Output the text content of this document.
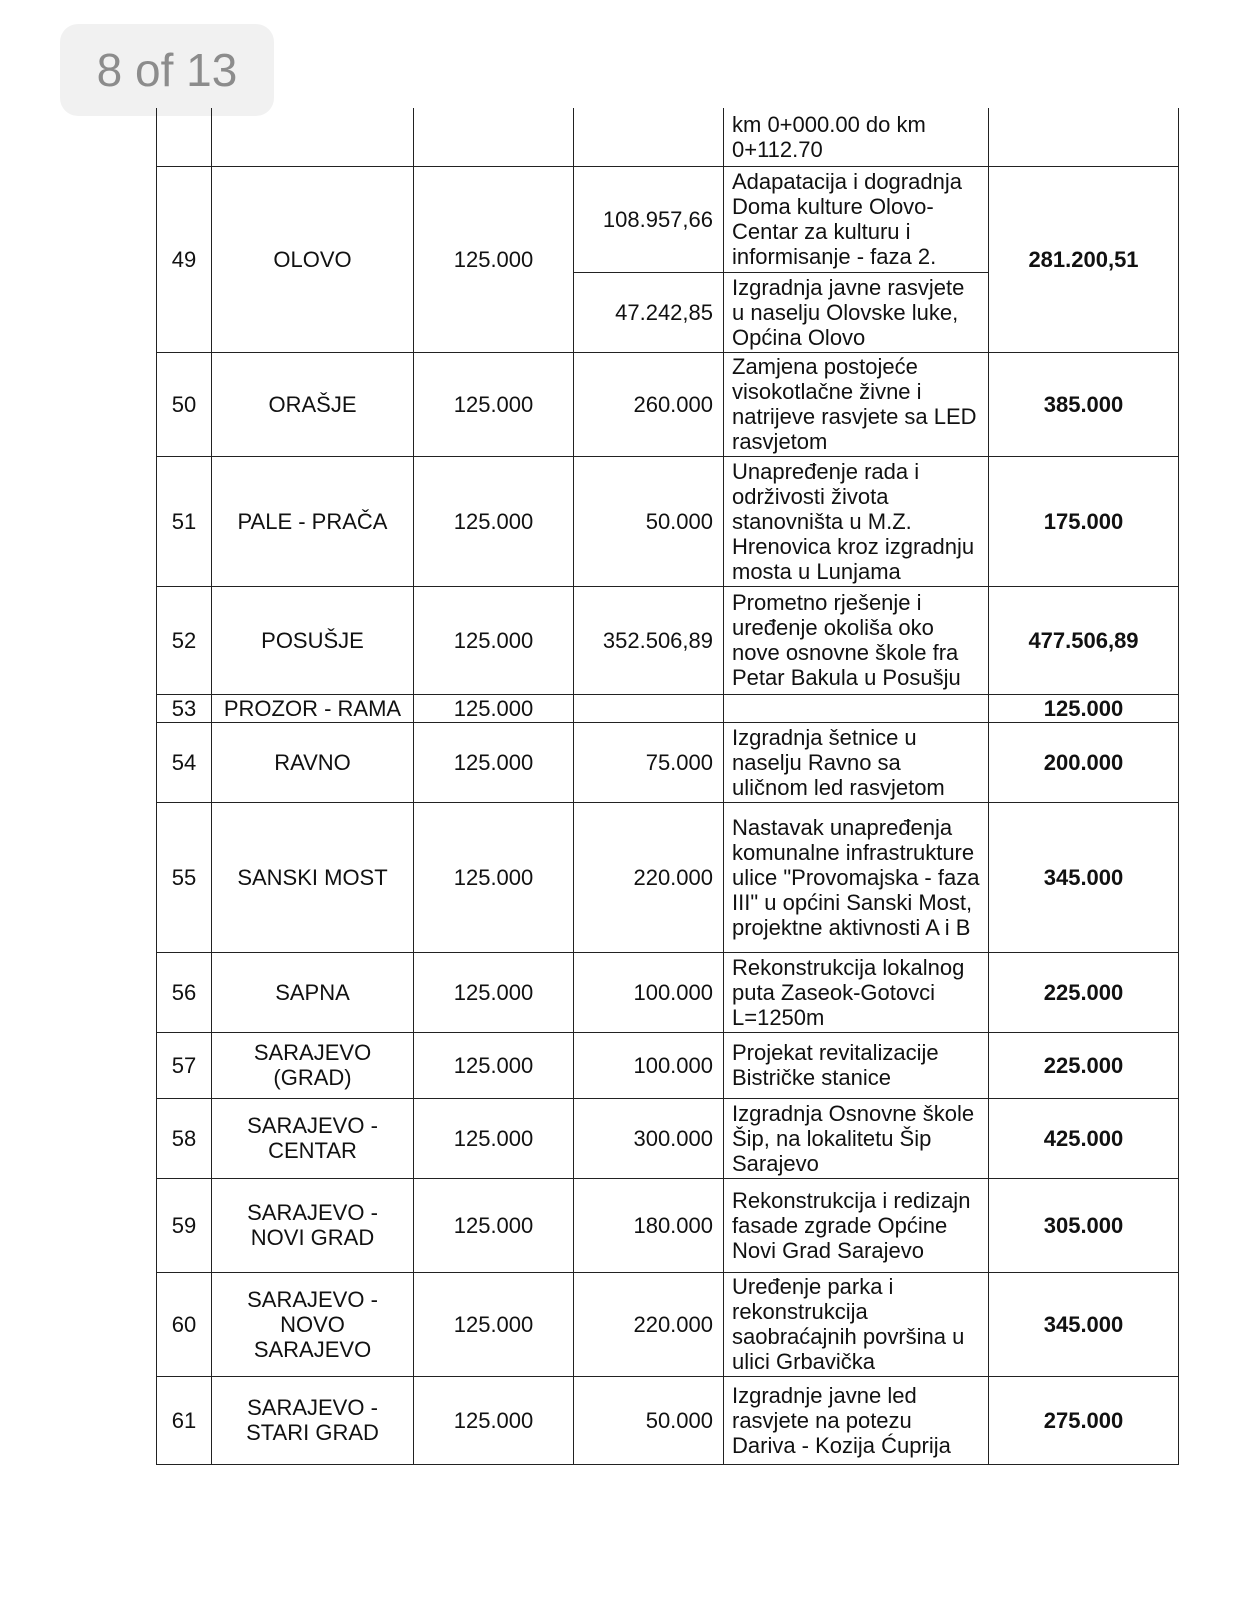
8 of 13
				km 0+000.00 do km 0+112.70	
49	OLOVO	125.000	108.957,66	Adapatacija i dogradnja Doma kulture Olovo-Centar za kulturu i informisanje - faza 2.	281.200,51
			47.242,85	Izgradnja javne rasvjete u naselju Olovske luke, Općina Olovo	
50	ORAŠJE	125.000	260.000	Zamjena postojeće visokotlačne živne i natrijeve rasvjete sa LED rasvjetom	385.000
51	PALE - PRAČA	125.000	50.000	Unapređenje rada i održivosti života stanovništa u M.Z. Hrenovica kroz izgradnju mosta u Lunjama	175.000
52	POSUŠJE	125.000	352.506,89	Prometno rješenje i uređenje okoliša oko nove osnovne škole fra Petar Bakula u Posušju	477.506,89
53	PROZOR - RAMA	125.000			125.000
54	RAVNO	125.000	75.000	Izgradnja šetnice u naselju Ravno sa uličnom led rasvjetom	200.000
55	SANSKI MOST	125.000	220.000	Nastavak unapređenja komunalne infrastrukture ulice "Provomajska - faza III" u općini Sanski Most, projektne aktivnosti A i B	345.000
56	SAPNA	125.000	100.000	Rekonstrukcija lokalnog puta Zaseok-Gotovci L=1250m	225.000
57	SARAJEVO (GRAD)	125.000	100.000	Projekat revitalizacije Bistričke stanice	225.000
58	SARAJEVO - CENTAR	125.000	300.000	Izgradnja Osnovne škole Šip, na lokalitetu Šip Sarajevo	425.000
59	SARAJEVO - NOVI GRAD	125.000	180.000	Rekonstrukcija i redizajn fasade zgrade Općine Novi Grad Sarajevo	305.000
60	SARAJEVO - NOVO SARAJEVO	125.000	220.000	Uređenje parka i rekonstrukcija saobraćajnih površina u ulici Grbavička	345.000
61	SARAJEVO - STARI GRAD	125.000	50.000	Izgradnje javne led rasvjete na potezu Dariva - Kozija Ćuprija	275.000
